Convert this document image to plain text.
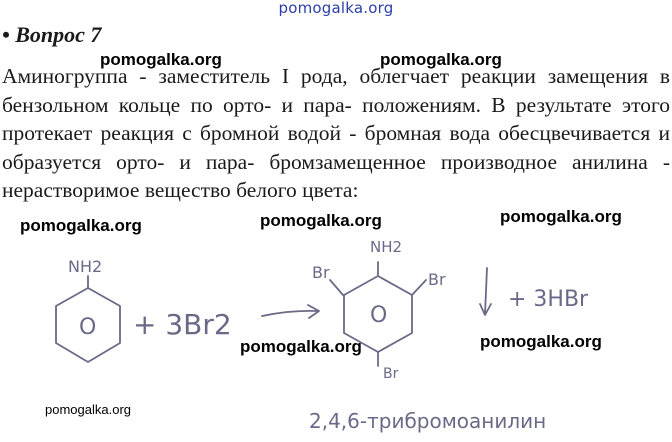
pomogalka.org
• Вопрос 7
Аминогруппа - заместитель I рода, облегчает реакции замещения в бензольном кольце по орто- и пара- положениям. В результате этого протекает реакция с бромной водой - бромная вода обесцвечивается и образуется орто- и пара- бромзамещенное производное анилина - нерастворимое вещество белого цвета:
pomogalka.org	pomogalka.org
pomogalka.org	pomogalka.org	pomogalka.org
pomogalka.org	pomogalka.org
pomogalka.org
NH2
O + 3Br2
NH2
Br	Br
O
Br
+ 3HBr
2,4,6-трибромоанилин
